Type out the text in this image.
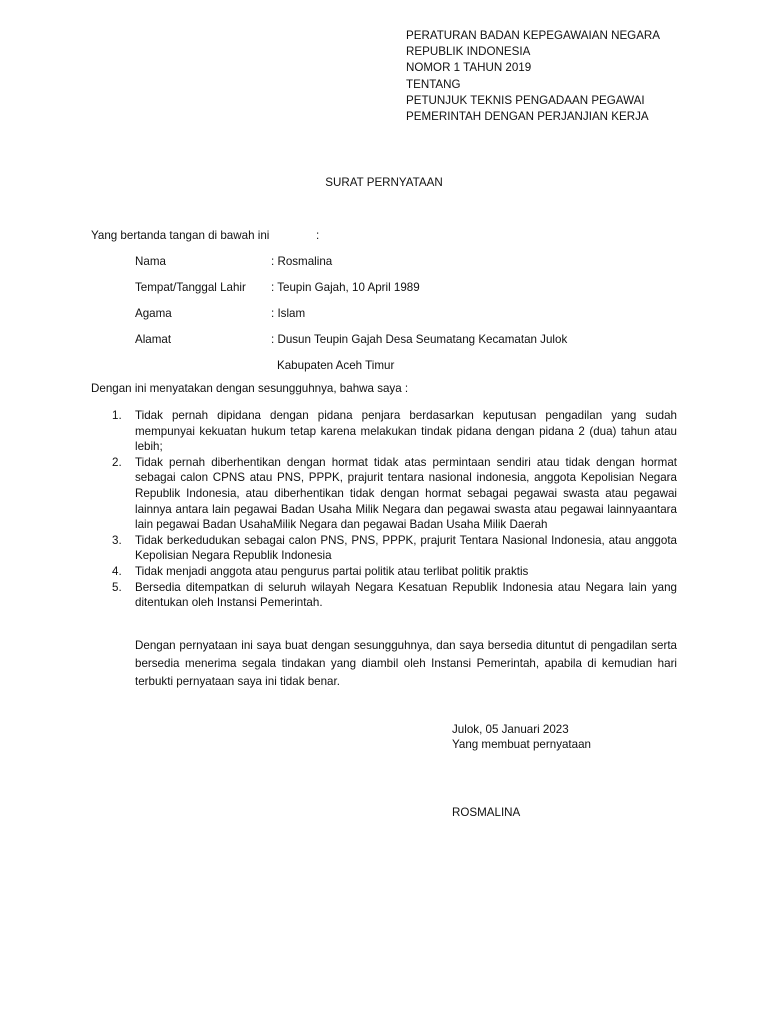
PERATURAN BADAN KEPEGAWAIAN NEGARA
REPUBLIK INDONESIA
NOMOR 1 TAHUN 2019
TENTANG
PETUNJUK TEKNIS PENGADAAN PEGAWAI
PEMERINTAH DENGAN PERJANJIAN KERJA
SURAT PERNYATAAN
Yang bertanda tangan di bawah ini	:
Nama	: Rosmalina
Tempat/Tanggal Lahir : Teupin Gajah, 10 April 1989
Agama	: Islam
Alamat	: Dusun Teupin Gajah Desa Seumatang Kecamatan Julok
Kabupaten Aceh Timur
Dengan ini menyatakan dengan sesungguhnya, bahwa saya :
1. Tidak pernah dipidana dengan pidana penjara berdasarkan keputusan pengadilan yang sudah mempunyai kekuatan hukum tetap karena melakukan tindak pidana dengan pidana 2 (dua) tahun atau lebih;
2. Tidak pernah diberhentikan dengan hormat tidak atas permintaan sendiri atau tidak dengan hormat sebagai calon CPNS atau PNS, PPPK, prajurit tentara nasional indonesia, anggota Kepolisian Negara Republik Indonesia, atau diberhentikan tidak dengan hormat sebagai pegawai swasta atau pegawai lainnya antara lain pegawai Badan Usaha Milik Negara dan pegawai swasta atau pegawai lainnyaantara lain pegawai Badan UsahaMilik Negara dan pegawai Badan Usaha Milik Daerah
3. Tidak berkedudukan sebagai calon PNS, PNS, PPPK, prajurit Tentara Nasional Indonesia, atau anggota Kepolisian Negara Republik Indonesia
4. Tidak menjadi anggota atau pengurus partai politik atau terlibat politik praktis
5. Bersedia ditempatkan di seluruh wilayah Negara Kesatuan Republik Indonesia atau Negara lain yang ditentukan oleh Instansi Pemerintah.
Dengan pernyataan ini saya buat dengan sesungguhnya, dan saya bersedia dituntut di pengadilan serta bersedia menerima segala tindakan yang diambil oleh Instansi Pemerintah, apabila di kemudian hari terbukti pernyataan saya ini tidak benar.
Julok, 05 Januari 2023
Yang membuat pernyataan
ROSMALINA
